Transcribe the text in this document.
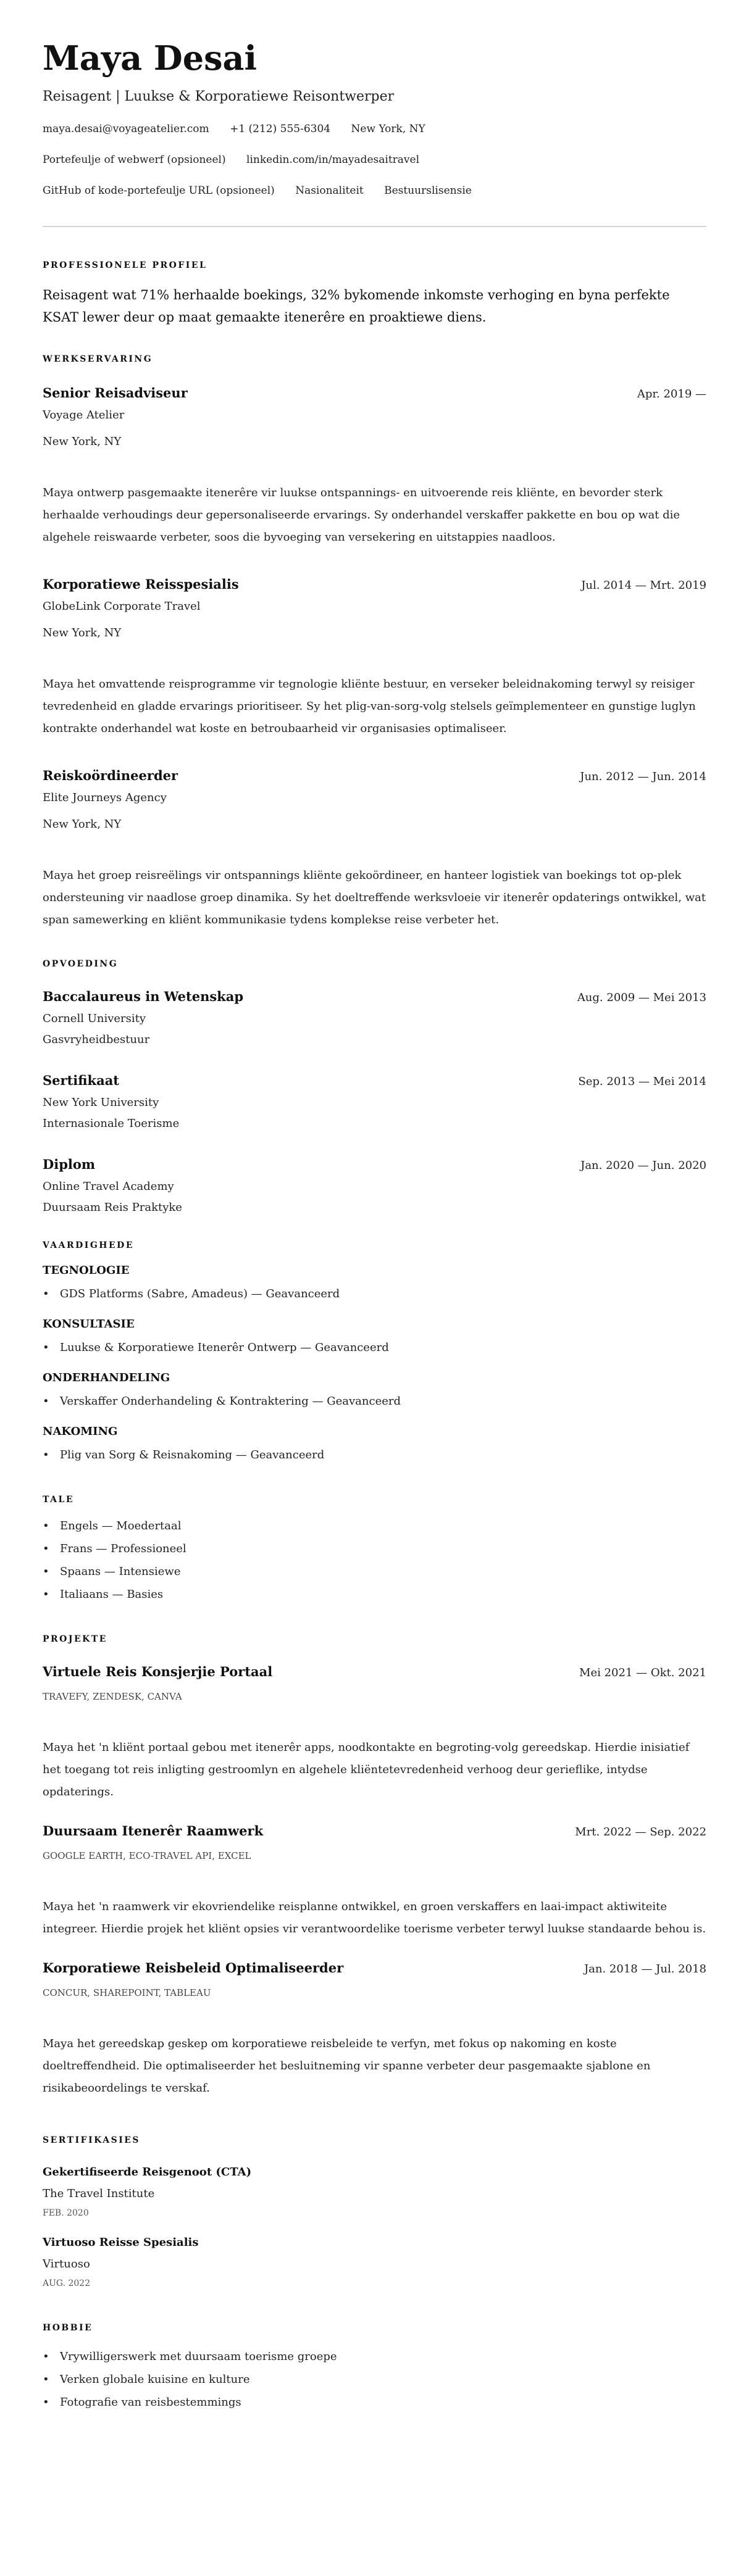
Maya Desai
Reisagent | Luukse & Korporatiewe Reisontwerper
maya.desai@voyageatelier.com +1 (212) 555-6304 New York, NY
Portefeulje of webwerf (opsioneel) linkedin.com/in/mayadesaitravel
GitHub of kode-portefeulje URL (opsioneel) Nasionaliteit Bestuurslisensie
PROFESSIONELE PROFIEL

Reisagent wat 71% herhaalde boekings, 32% bykomende inkomste verhoging en byna perfekte KSAT lewer deur op maat gemaakte itenerêre en proaktiewe diens.

WERKSERVARING
Senior Reisadviseur	Apr. 2019 —
Voyage Atelier
New York, NY

Maya ontwerp pasgemaakte itenerêre vir luukse ontspannings- en uitvoerende reis kliënte, en bevorder sterk herhaalde verhoudings deur gepersonaliseerde ervarings. Sy onderhandel verskaffer pakkette en bou op wat die algehele reiswaarde verbeter, soos die byvoeging van versekering en uitstappies naadloos.

Korporatiewe Reisspesialis	Jul. 2014 — Mrt. 2019
GlobeLink Corporate Travel
New York, NY

Maya het omvattende reisprogramme vir tegnologie kliënte bestuur, en verseker beleidnakoming terwyl sy reisiger tevredenheid en gladde ervarings prioritiseer. Sy het plig-van-sorg-volg stelsels geïmplementeer en gunstige luglyn kontrakte onderhandel wat koste en betroubaarheid vir organisasies optimaliseer.

Reiskoördineerder	Jun. 2012 — Jun. 2014
Elite Journeys Agency
New York, NY

Maya het groep reisreëlings vir ontspannings kliënte gekoördineer, en hanteer logistiek van boekings tot op-plek ondersteuning vir naadlose groep dinamika. Sy het doeltreffende werksvloeie vir itenerêr opdaterings ontwikkel, wat span samewerking en kliënt kommunikasie tydens komplekse reise verbeter het.

OPVOEDING
Baccalaureus in Wetenskap	Aug. 2009 — Mei 2013
Cornell University
Gasvryheidbestuur
Sertifikaat	Sep. 2013 — Mei 2014
New York University
Internasionale Toerisme
Diplom	Jan. 2020 — Jun. 2020
Online Travel Academy
Duursaam Reis Praktyke
VAARDIGHEDE
TEGNOLOGIE
• GDS Platforms (Sabre, Amadeus) — Geavanceerd
KONSULTASIE
• Luukse & Korporatiewe Itenerêr Ontwerp — Geavanceerd
ONDERHANDELING
• Verskaffer Onderhandeling & Kontraktering — Geavanceerd
NAKOMING
• Plig van Sorg & Reisnakoming — Geavanceerd
TALE
• Engels — Moedertaal
• Frans — Professioneel
• Spaans — Intensiewe
• Italiaans — Basies
PROJEKTE
Virtuele Reis Konsjerjie Portaal	Mei 2021 — Okt. 2021
TRAVEFY, ZENDESK, CANVA

Maya het 'n kliënt portaal gebou met itenerêr apps, noodkontakte en begroting-volg gereedskap. Hierdie inisiatief het toegang tot reis inligting gestroomlyn en algehele kliëntetevredenheid verhoog deur gerieflike, intydse opdaterings.

Duursaam Itenerêr Raamwerk	Mrt. 2022 — Sep. 2022
GOOGLE EARTH, ECO-TRAVEL API, EXCEL

Maya het 'n raamwerk vir ekovriendelike reisplanne ontwikkel, en groen verskaffers en laai-impact aktiwiteite integreer. Hierdie projek het kliënt opsies vir verantwoordelike toerisme verbeter terwyl luukse standaarde behou is.

Korporatiewe Reisbeleid Optimaliseerder	Jan. 2018 — Jul. 2018
CONCUR, SHAREPOINT, TABLEAU

Maya het gereedskap geskep om korporatiewe reisbeleide te verfyn, met fokus op nakoming en koste doeltreffendheid. Die optimaliseerder het besluitneming vir spanne verbeter deur pasgemaakte sjablone en risikabeoordelings te verskaf.

SERTIFIKASIES
Gekertifiseerde Reisgenoot (CTA)
The Travel Institute
FEB. 2020
Virtuoso Reisse Spesialis
Virtuoso
AUG. 2022
HOBBIE
• Vrywilligerswerk met duursaam toerisme groepe
• Verken globale kuisine en kulture
• Fotografie van reisbestemmings
